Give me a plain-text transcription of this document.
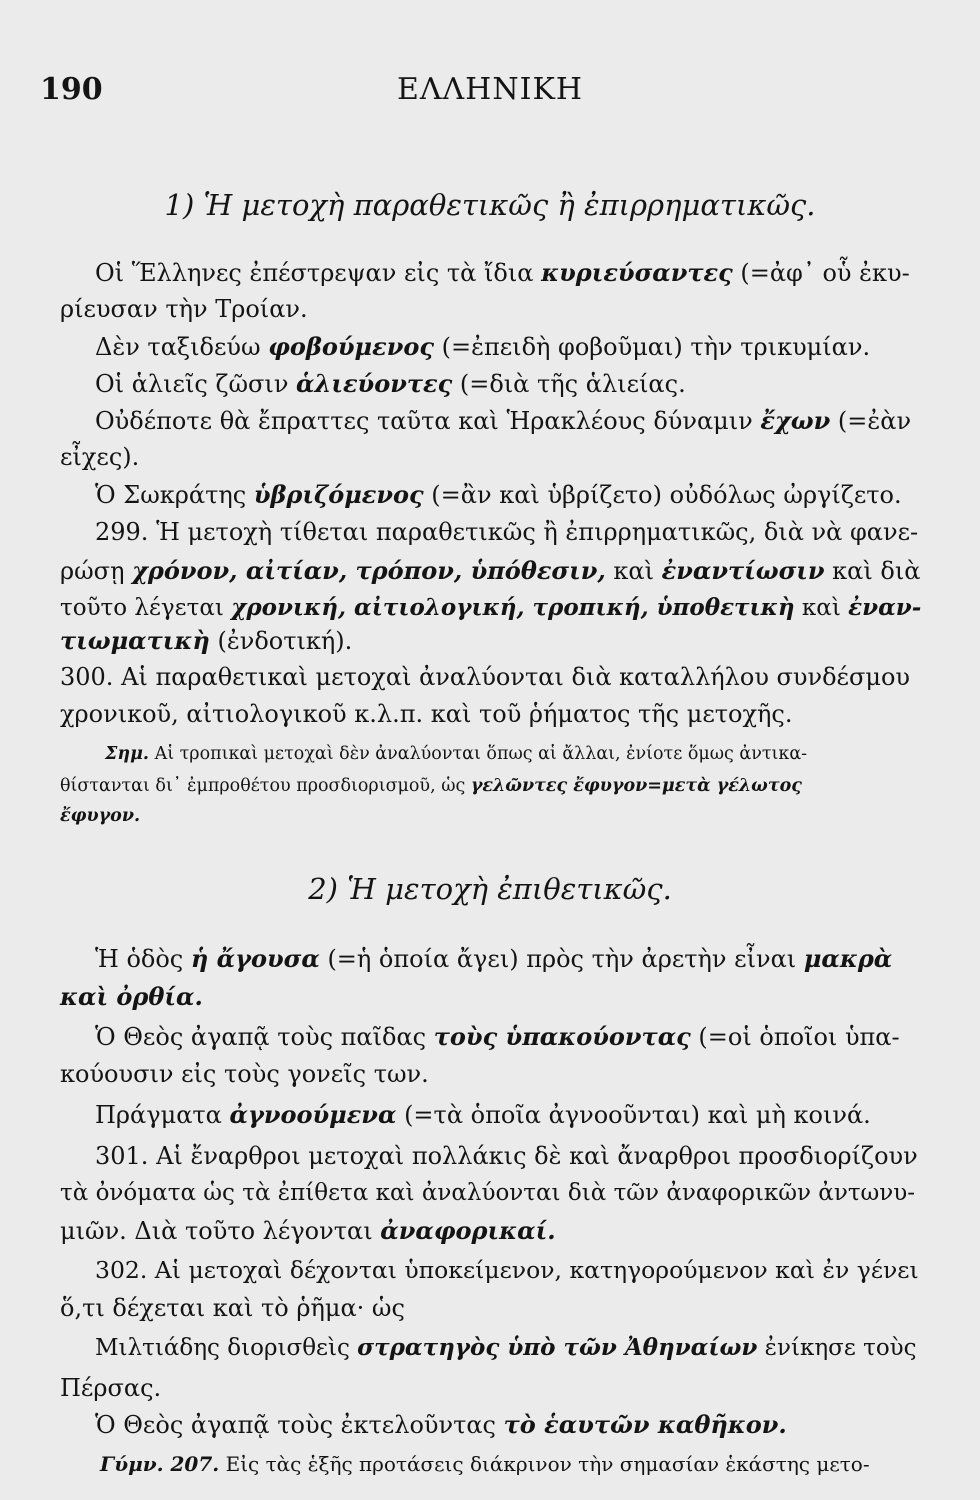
190	ΕΛΛΗΝΙΚΗ
1) Ἡ μετοχὴ παραθετικῶς ἢ ἐπιρρηματικῶς.
Οἱ Ἕλληνες ἐπέστρεψαν εἰς τὰ ἴδια κυριεύσαντες (=ἀφ᾽ οὗ ἐκυ-
ρίευσαν τὴν Τροίαν.
Δὲν ταξιδεύω φοβούμενος (=ἐπειδὴ φοβοῦμαι) τὴν τρικυμίαν.
Οἱ ἁλιεῖς ζῶσιν ἁλιεύοντες (=διὰ τῆς ἁλιείας.
Οὐδέποτε θὰ ἔπραττες ταῦτα καὶ Ἡρακλέους δύναμιν ἔχων (=ἐὰν
εἶχες).
Ὁ Σωκράτης ὑβριζόμενος (=ἂν καὶ ὑβρίζετο) οὐδόλως ὠργίζετο.
299. Ἡ μετοχὴ τίθεται παραθετικῶς ἢ ἐπιρρηματικῶς, διὰ νὰ φανε-
ρώσῃ χρόνον, αἰτίαν, τρόπον, ὑπόθεσιν, καὶ ἐναντίωσιν καὶ διὰ
τοῦτο λέγεται χρονική, αἰτιολογική, τροπική, ὑποθετικὴ καὶ ἐναν-
τιωματικὴ (ἐνδοτική).
300. Αἱ παραθετικαὶ μετοχαὶ ἀναλύονται διὰ καταλλήλου συνδέσμου
χρονικοῦ, αἰτιολογικοῦ κ.λ.π. καὶ τοῦ ῥήματος τῆς μετοχῆς.
Σημ. Αἱ τροπικαὶ μετοχαὶ δὲν ἀναλύονται ὅπως αἱ ἄλλαι, ἐνίοτε ὅμως ἀντικα-
θίστανται δι᾽ ἐμπροθέτου προσδιορισμοῦ, ὡς γελῶντες ἔφυγον=μετὰ γέλωτος
ἔφυγον.
2) Ἡ μετοχὴ ἐπιθετικῶς.
Ἡ ὁδὸς ἡ ἄγουσα (=ἡ ὁποία ἄγει) πρὸς τὴν ἀρετὴν εἶναι μακρὰ
καὶ ὀρθία.
Ὁ Θεὸς ἀγαπᾷ τοὺς παῖδας τοὺς ὑπακούοντας (=οἱ ὁποῖοι ὑπα-
κούουσιν εἰς τοὺς γονεῖς των.
Πράγματα ἀγνοούμενα (=τὰ ὁποῖα ἀγνοοῦνται) καὶ μὴ κοινά.
301. Αἱ ἔναρθροι μετοχαὶ πολλάκις δὲ καὶ ἄναρθροι προσδιορίζουν
τὰ ὀνόματα ὡς τὰ ἐπίθετα καὶ ἀναλύονται διὰ τῶν ἀναφορικῶν ἀντωνυ-
μιῶν. Διὰ τοῦτο λέγονται ἀναφορικαί.
302. Αἱ μετοχαὶ δέχονται ὑποκείμενον, κατηγορούμενον καὶ ἐν γένει
ὅ,τι δέχεται καὶ τὸ ῥῆμα· ὡς
Μιλτιάδης διορισθεὶς στρατηγὸς ὑπὸ τῶν Ἀθηναίων ἐνίκησε τοὺς
Πέρσας.
Ὁ Θεὸς ἀγαπᾷ τοὺς ἐκτελοῦντας τὸ ἑαυτῶν καθῆκον.
Γύμν. 207. Εἰς τὰς ἑξῆς προτάσεις διάκρινον τὴν σημασίαν ἑκάστης μετο-
